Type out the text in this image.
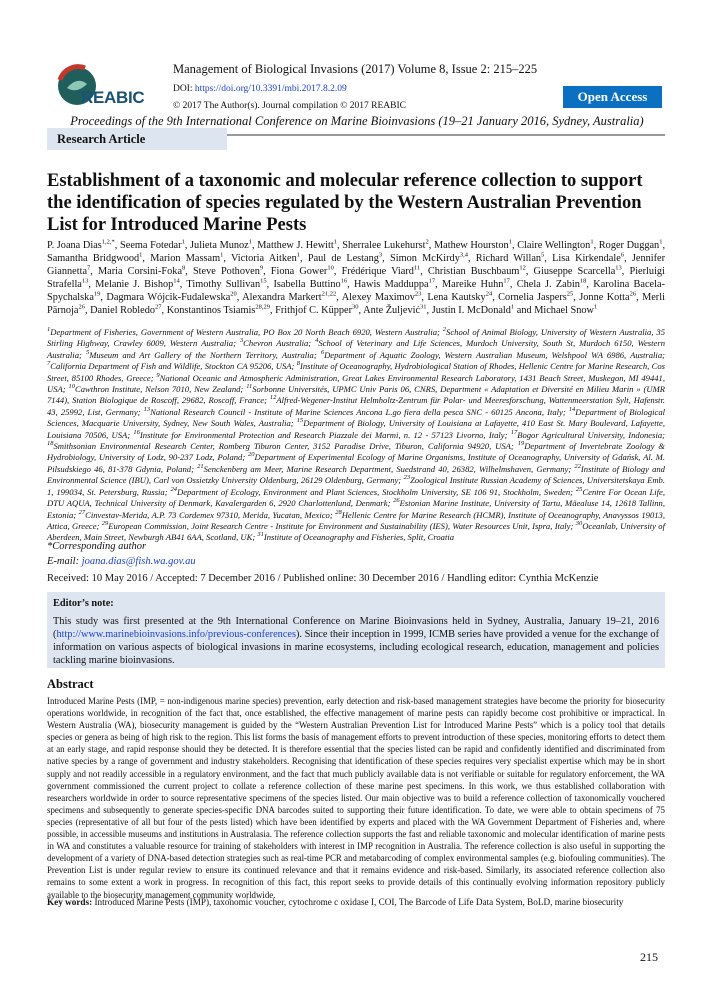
REABIC
Management of Biological Invasions (2017) Volume 8, Issue 2: 215–225
DOI: https://doi.org/10.3391/mbi.2017.8.2.09
© 2017 The Author(s). Journal compilation © 2017 REABIC
Open Access
Proceedings of the 9th International Conference on Marine Bioinvasions (19–21 January 2016, Sydney, Australia)
Research Article
Establishment of a taxonomic and molecular reference collection to support the identification of species regulated by the Western Australian Prevention List for Introduced Marine Pests
P. Joana Dias$^{1,2,*}$, Seema Fotedar$^1$, Julieta Munoz$^1$, Matthew J. Hewitt$^1$, Sherralee Lukehurst$^2$, Mathew Hourston$^1$, Claire Wellington$^1$, Roger Duggan$^1$, Samantha Bridgwood$^1$, Marion Massam$^1$, Victoria Aitken$^1$, Paul de Lestang$^3$, Simon McKirdy$^{3,4}$, Richard Willan$^5$, Lisa Kirkendale$^6$, Jennifer Giannetta$^7$, Maria Corsini-Foka$^8$, Steve Pothoven$^9$, Fiona Gower$^{10}$, Frédérique Viard$^{11}$, Christian Buschbaum$^{12}$, Giuseppe Scarcella$^{13}$, Pierluigi Strafella$^{13}$, Melanie J. Bishop$^{14}$, Timothy Sullivan$^{15}$, Isabella Buttino$^{16}$, Hawis Madduppa$^{17}$, Mareike Huhn$^{17}$, Chela J. Zabin$^{18}$, Karolina Bacela-Spychalska$^{19}$, Dagmara Wójcik-Fudalewska$^{20}$, Alexandra Markert$^{21,22}$, Alexey Maximov$^{23}$, Lena Kautsky$^{24}$, Cornelia Jaspers$^{25}$, Jonne Kotta$^{26}$, Merli Pärnoja$^{26}$, Daniel Robledo$^{27}$, Konstantinos Tsiamis$^{28,29}$, Frithjof C. Küpper$^{30}$, Ante Žuljević$^{31}$, Justin I. McDonald$^1$ and Michael Snow$^1$
$^1$Department of Fisheries, Government of Western Australia, PO Box 20 North Beach 6920, Western Australia; $^2$School of Animal Biology, University of Western Australia, 35 Stirling Highway, Crawley 6009, Western Australia; $^3$Chevron Australia; $^4$School of Veterinary and Life Sciences, Murdoch University, South St, Murdoch 6150, Western Australia; $^5$Museum and Art Gallery of the Northern Territory, Australia; $^6$Department of Aquatic Zoology, Western Australian Museum, Welshpool WA 6986, Australia; $^7$California Department of Fish and Wildlife, Stockton CA 95206, USA; $^8$Institute of Oceanography, Hydrobiological Station of Rhodes, Hellenic Centre for Marine Research, Cos Street, 85100 Rhodes, Greece; $^9$National Oceanic and Atmospheric Administration, Great Lakes Environmental Research Laboratory, 1431 Beach Street, Muskegon, MI 49441, USA; $^{10}$Cawthron Institute, Nelson 7010, New Zealand; $^{11}$Sorbonne Universités, UPMC Univ Paris 06, CNRS, Department « Adaptation et Diversité en Milieu Marin » (UMR 7144), Station Biologique de Roscoff, 29682, Roscoff, France; $^{12}$Alfred-Wegener-Institut Helmholtz-Zentrum für Polar- und Meeresforschung, Wattenmeerstation Sylt, Hafenstr. 43, 25992, List, Germany; $^{13}$National Research Council - Institute of Marine Sciences Ancona L.go fiera della pesca SNC - 60125 Ancona, Italy; $^{14}$Department of Biological Sciences, Macquarie University, Sydney, New South Wales, Australia; $^{15}$Department of Biology, University of Louisiana at Lafayette, 410 East St. Mary Boulevard, Lafayette, Louisiana 70506, USA; $^{16}$Institute for Environmental Protection and Research Piazzale dei Marmi, n. 12 - 57123 Livorno, Italy; $^{17}$Bogor Agricultural University, Indonesia; $^{18}$Smithsonian Environmental Research Center, Romberg Tiburon Center, 3152 Paradise Drive, Tiburon, California 94920, USA; $^{19}$Department of Invertebrate Zoology & Hydrobiology, University of Lodz, 90-237 Lodz, Poland; $^{20}$Department of Experimental Ecology of Marine Organisms, Institute of Oceanography, University of Gdańsk, Al. M. Pilsudskiego 46, 81-378 Gdynia, Poland; $^{21}$Senckenberg am Meer, Marine Research Department, Suedstrand 40, 26382, Wilhelmshaven, Germany; $^{22}$Institute of Biology and Environmental Science (IBU), Carl von Ossietzky University Oldenburg, 26129 Oldenburg, Germany; $^{23}$Zoological Institute Russian Academy of Sciences, Universitetskaya Emb. 1, 199034, St. Petersburg, Russia; $^{24}$Department of Ecology, Environment and Plant Sciences, Stockholm University, SE 106 91, Stockholm, Sweden; $^{25}$Centre For Ocean Life, DTU AQUA, Technical University of Denmark, Kavalergarden 6, 2920 Charlottenlund, Denmark; $^{26}$Estonian Marine Institute, University of Tartu, Mäealuse 14, 12618 Tallinn, Estonia; $^{27}$Cinvestav-Merida, A.P. 73 Cordemex 97310, Merida, Yucatan, Mexico; $^{28}$Hellenic Centre for Marine Research (HCMR), Institute of Oceanography, Anavyssos 19013, Attica, Greece; $^{29}$European Commission, Joint Research Centre - Institute for Environment and Sustainability (IES), Water Resources Unit, Ispra, Italy; $^{30}$Oceanlab, University of Aberdeen, Main Street, Newburgh AB41 6AA, Scotland, UK; $^{31}$Institute of Oceanography and Fisheries, Split, Croatia
*Corresponding author
E-mail: joana.dias@fish.wa.gov.au
Received: 10 May 2016 / Accepted: 7 December 2016 / Published online: 30 December 2016 / Handling editor: Cynthia McKenzie
Editor’s note:
This study was first presented at the 9th International Conference on Marine Bioinvasions held in Sydney, Australia, January 19–21, 2016 (http://www.marinebioinvasions.info/previous-conferences). Since their inception in 1999, ICMB series have provided a venue for the exchange of information on various aspects of biological invasions in marine ecosystems, including ecological research, education, management and policies tackling marine bioinvasions.
Abstract
Introduced Marine Pests (IMP, = non-indigenous marine species) prevention, early detection and risk-based management strategies have become the priority for biosecurity operations worldwide, in recognition of the fact that, once established, the effective management of marine pests can rapidly become cost prohibitive or impractical. In Western Australia (WA), biosecurity management is guided by the “Western Australian Prevention List for Introduced Marine Pests” which is a policy tool that details species or genera as being of high risk to the region. This list forms the basis of management efforts to prevent introduction of these species, monitoring efforts to detect them at an early stage, and rapid response should they be detected. It is therefore essential that the species listed can be rapid and confidently identified and discriminated from native species by a range of government and industry stakeholders. Recognising that identification of these species requires very specialist expertise which may be in short supply and not readily accessible in a regulatory environment, and the fact that much publicly available data is not verifiable or suitable for regulatory enforcement, the WA government commissioned the current project to collate a reference collection of these marine pest specimens. In this work, we thus established collaboration with researchers worldwide in order to source representative specimens of the species listed. Our main objective was to build a reference collection of taxonomically vouchered specimens and subsequently to generate species-specific DNA barcodes suited to supporting their future identification. To date, we were able to obtain specimens of 75 species (representative of all but four of the pests listed) which have been identified by experts and placed with the WA Government Department of Fisheries and, where possible, in accessible museums and institutions in Australasia. The reference collection supports the fast and reliable taxonomic and molecular identification of marine pests in WA and constitutes a valuable resource for training of stakeholders with interest in IMP recognition in Australia. The reference collection is also useful in supporting the development of a variety of DNA-based detection strategies such as real-time PCR and metabarcoding of complex environmental samples (e.g. biofouling communities). The Prevention List is under regular review to ensure its continued relevance and that it remains evidence and risk-based. Similarly, its associated reference collection also remains to some extent a work in progress. In recognition of this fact, this report seeks to provide details of this continually evolving information repository publicly available to the biosecurity management community worldwide.
Key words: Introduced Marine Pests (IMP), taxonomic voucher, cytochrome c oxidase I, COI, The Barcode of Life Data System, BoLD, marine biosecurity
215
